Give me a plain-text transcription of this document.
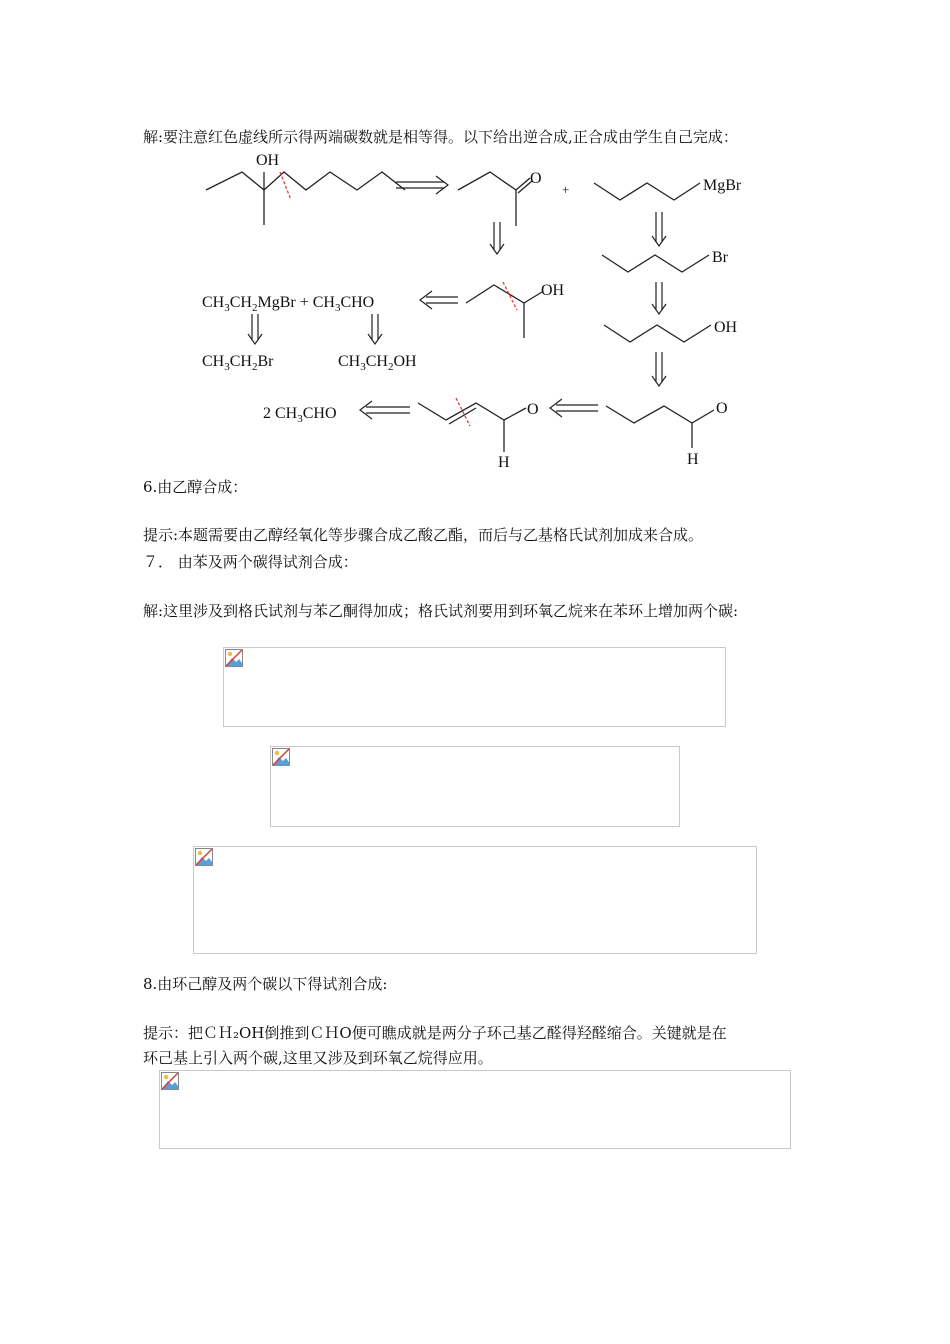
解:要注意红色虚线所示得两端碳数就是相等得。以下给出逆合成,正合成由学生自己完成：
OH
O
+	MgBr
Br
OH
OH
$CH_3CH_2MgBr + CH_3CHO$
$CH_3CH_2Br$	$CH_3CH_2OH$
2 $CH_3CHO$	O
H
O
H
6.由乙醇合成：
提示:本题需要由乙醇经氧化等步骤合成乙酸乙酯，而后与乙基格氏试剂加成来合成。
７． 由苯及两个碳得试剂合成：
解:这里涉及到格氏试剂与苯乙酮得加成；格氏试剂要用到环氧乙烷来在苯环上增加两个碳:
8.由环己醇及两个碳以下得试剂合成:
提示：把ＣＨ₂OH倒推到ＣＨO便可瞧成就是两分子环己基乙醛得羟醛缩合。关键就是在
环己基上引入两个碳,这里又涉及到环氧乙烷得应用。
